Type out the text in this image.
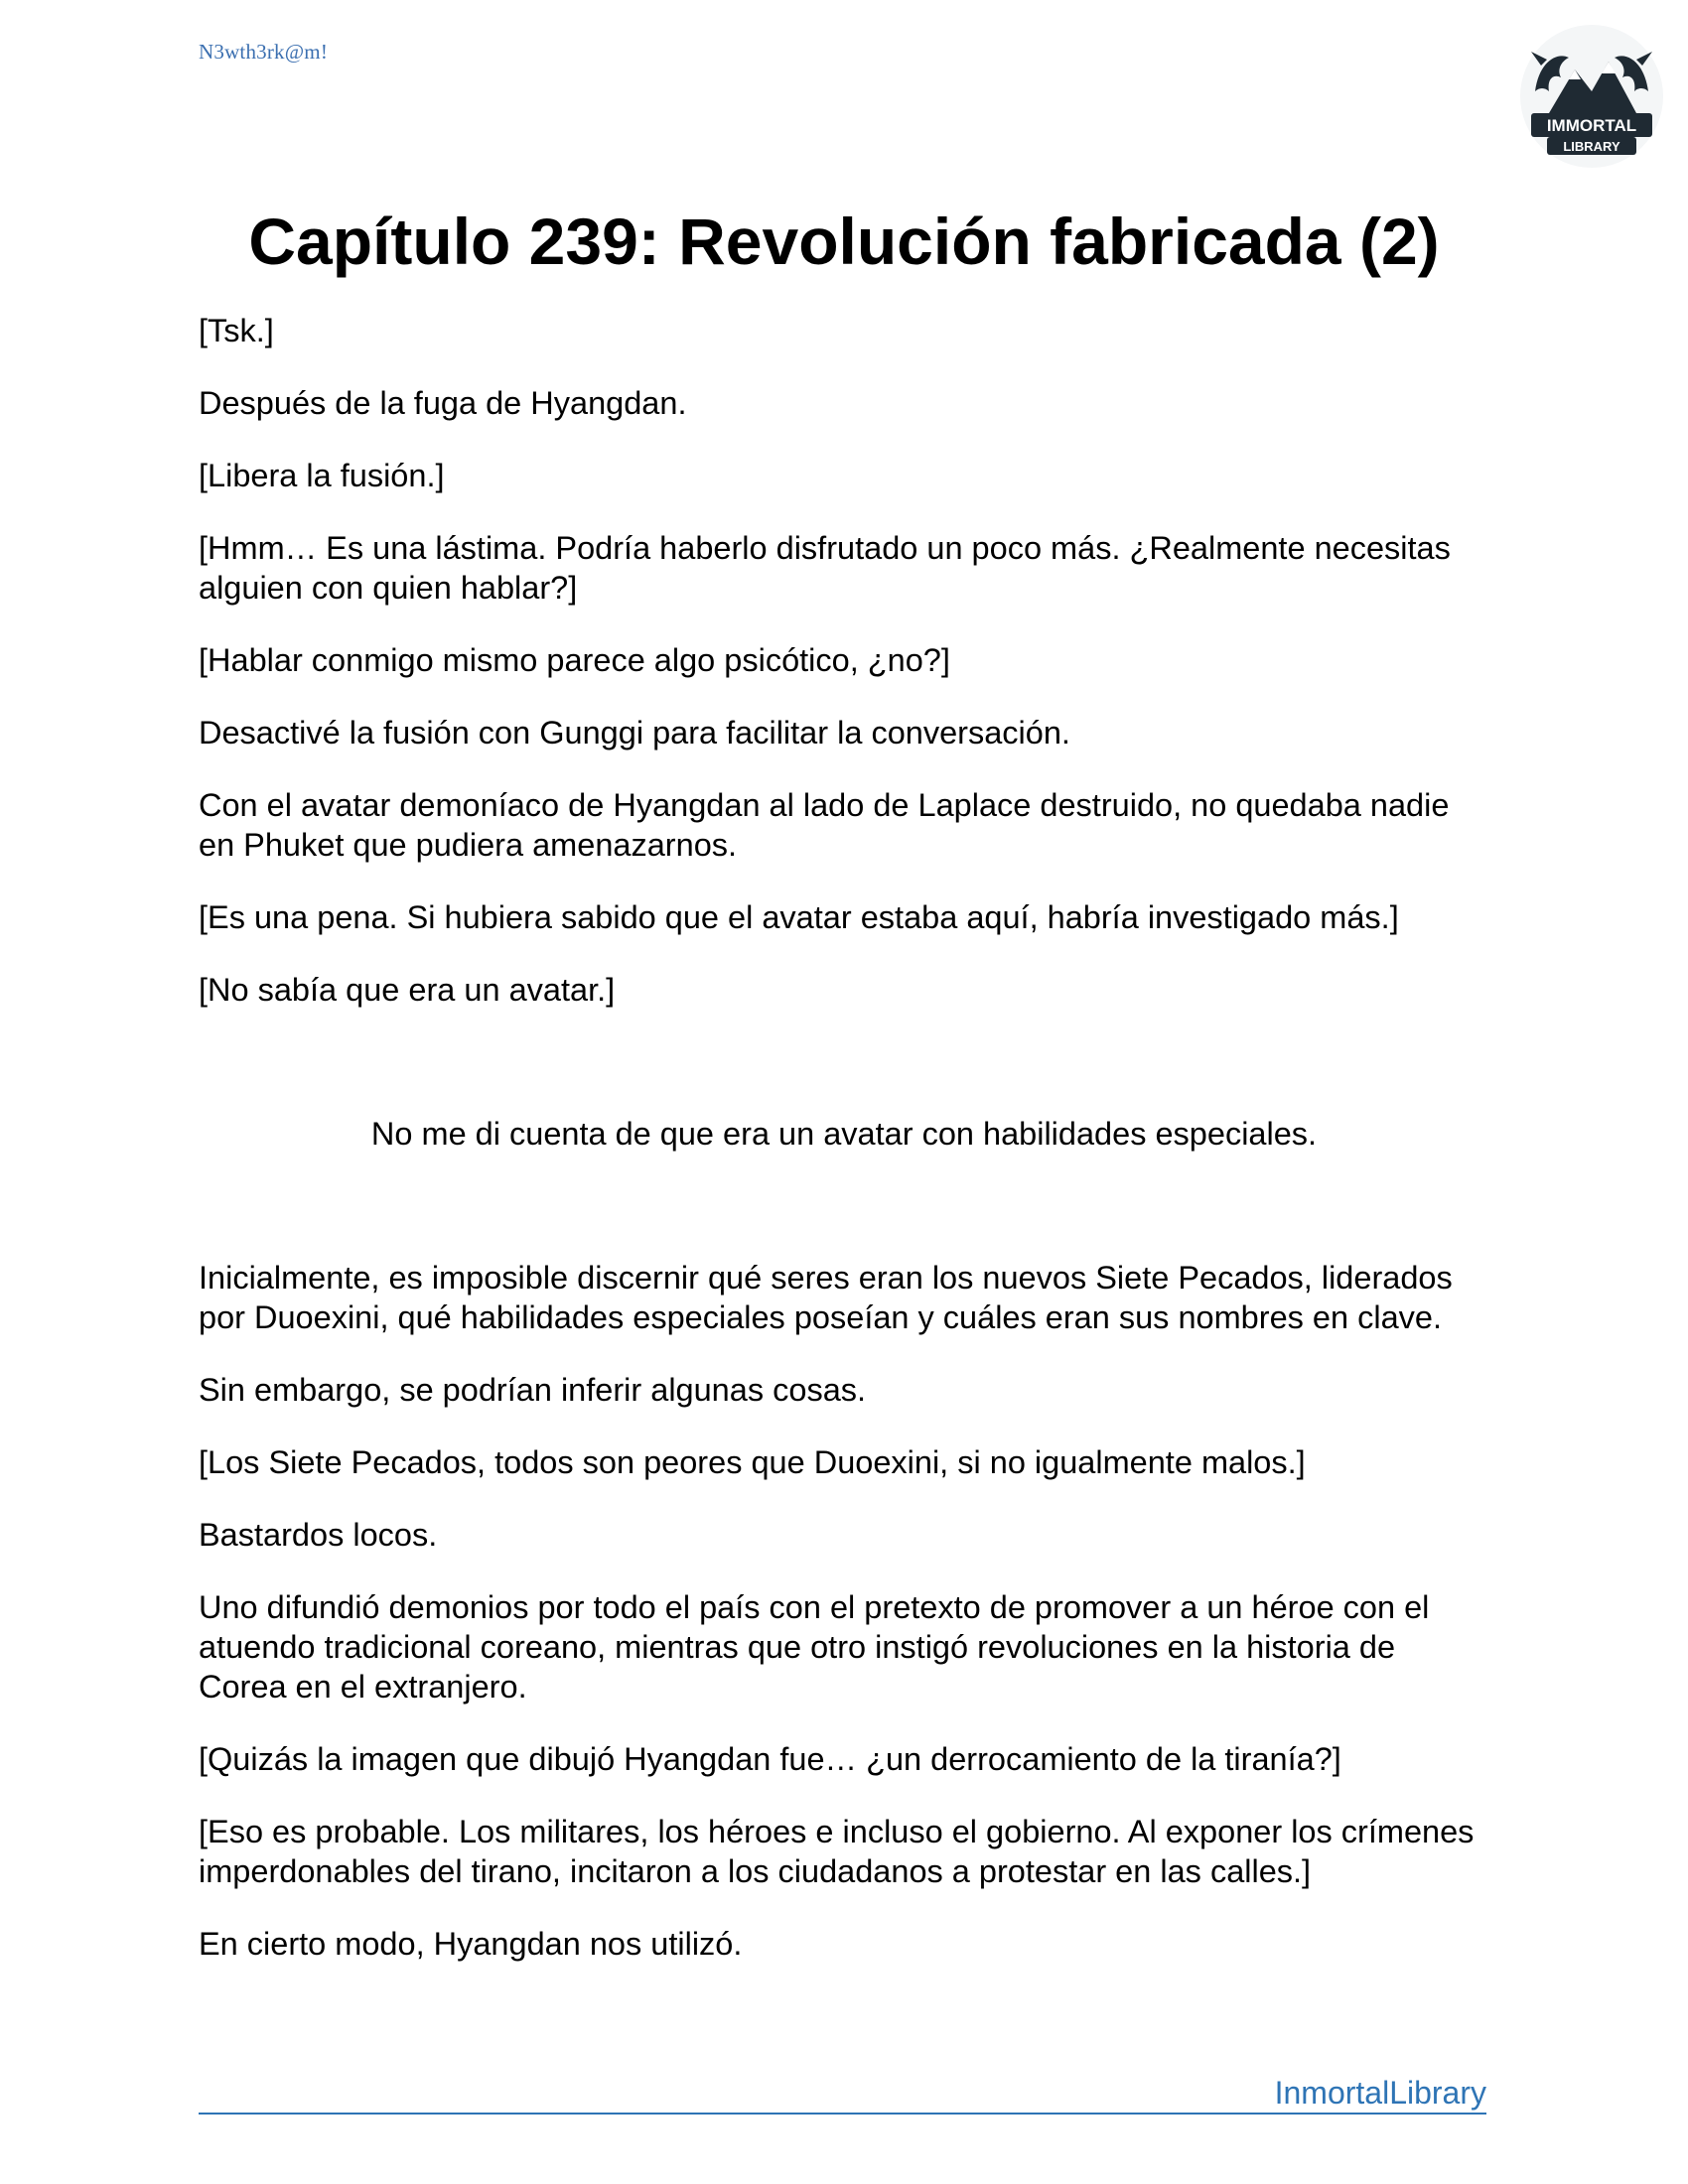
N3wth3rk@m!
IMMORTAL
LIBRARY
Capítulo 239: Revolución fabricada (2)

[Tsk.]

Después de la fuga de Hyangdan.

[Libera la fusión.]

[Hmm… Es una lástima. Podría haberlo disfrutado un poco más. ¿Realmente necesitas alguien con quien hablar?]

[Hablar conmigo mismo parece algo psicótico, ¿no?]

Desactivé la fusión con Gunggi para facilitar la conversación.

Con el avatar demoníaco de Hyangdan al lado de Laplace destruido, no quedaba nadie en Phuket que pudiera amenazarnos.

[Es una pena. Si hubiera sabido que el avatar estaba aquí, habría investigado más.]

[No sabía que era un avatar.]

No me di cuenta de que era un avatar con habilidades especiales.

Inicialmente, es imposible discernir qué seres eran los nuevos Siete Pecados, liderados por Duoexini, qué habilidades especiales poseían y cuáles eran sus nombres en clave.

Sin embargo, se podrían inferir algunas cosas.

[Los Siete Pecados, todos son peores que Duoexini, si no igualmente malos.]

Bastardos locos.

Uno difundió demonios por todo el país con el pretexto de promover a un héroe con el atuendo tradicional coreano, mientras que otro instigó revoluciones en la historia de Corea en el extranjero.

[Quizás la imagen que dibujó Hyangdan fue… ¿un derrocamiento de la tiranía?]

[Eso es probable. Los militares, los héroes e incluso el gobierno. Al exponer los crímenes imperdonables del tirano, incitaron a los ciudadanos a protestar en las calles.]

En cierto modo, Hyangdan nos utilizó.

InmortalLibrary
